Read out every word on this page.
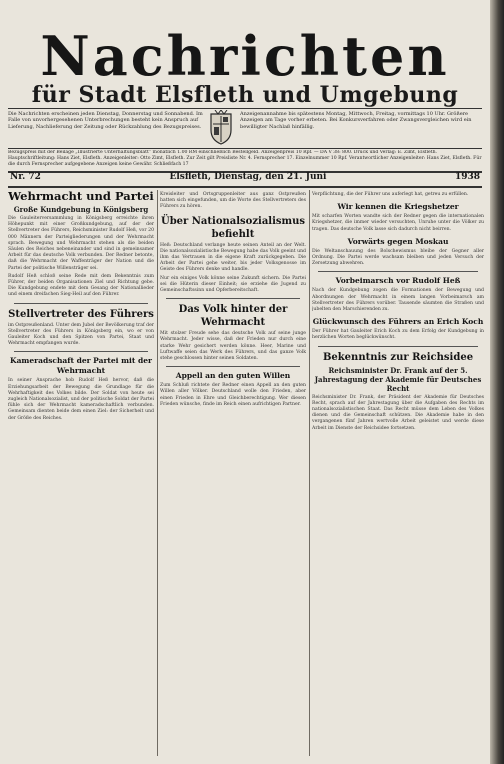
Nachrichten
für Stadt Elsfleth und Umgebung
Die Nachrichten erscheinen jeden Dienstag, Donnerstag und Sonnabend. Im Falle von unvorhergesehenen Unterbrechungen besteht kein Anspruch auf Lieferung, Nachlieferung der Zeitung oder Rückzahlung des Bezugspreises.
Anzeigenannahme bis spätestens Montag, Mittwoch, Freitag, vormittags 10 Uhr. Größere Anzeigen am Tage vorher erbeten. Bei Konkursverfahren oder Zwangsvergleichen wird ein bewilligter Nachlaß hinfällig.
Bezugspreis mit der Beilage „Illustrierte Unterhaltungsblatt“ monatlich 1.00 RM einschließlich Bestellgeld. Anzeigenpreis 10 Rpf. — DA V 38: 800. Druck und Verlag: E. Zimt, Elsfleth. Hauptschriftleitung: Hans Ziet, Elsfleth. Anzeigenleiter: Otto Zimt, Elsfleth. Zur Zeit gilt Preisliste Nr. 4. Fernsprecher 17. Einzelnummer 10 Rpf. Verantwortlicher Anzeigenleiter: Hans Ziet, Elsfleth. Für die durch Fernsprecher aufgegebene Anzeigen keine Gewähr. Schließfach 17
Nr. 72	Elsfleth, Dienstag, den 21. Juni	1938
Wehrmacht und Partei
Große Kundgebung in Königsberg
Die Gauleiterversammlung in Königsberg erreichte ihren Höhepunkt mit einer Großkundgebung, auf der der Stellvertreter des Führers, Reichsminister Rudolf Heß, vor 20 000 Männern der Parteigliederungen und der Wehrmacht sprach. Bewegung und Wehrmacht stehen als die beiden Säulen des Reiches nebeneinander und sind in gemeinsamer Arbeit für das deutsche Volk verbunden. Der Redner betonte, daß die Wehrmacht der Waffenträger der Nation und die Partei der politische Willensträger sei.
Rudolf Heß schloß seine Rede mit dem Bekenntnis zum Führer, der beiden Organisationen Ziel und Richtung gebe. Die Kundgebung endete mit dem Gesang der Nationallieder und einem dreifachen Sieg-Heil auf den Führer.
Stellvertreter des Führers
im Ostpreußenland. Unter dem Jubel der Bevölkerung traf der Stellvertreter des Führers in Königsberg ein, wo er von Gauleiter Koch und den Spitzen von Partei, Staat und Wehrmacht empfangen wurde.
Kameradschaft der Partei mit der Wehrmacht
In seiner Ansprache hob Rudolf Heß hervor, daß die Erziehungsarbeit der Bewegung die Grundlage für die Wehrhaftigkeit des Volkes bilde. Der Soldat von heute sei zugleich Nationalsozialist, und der politische Soldat der Partei fühle sich der Wehrmacht kameradschaftlich verbunden. Gemeinsam dienten beide dem einen Ziel: der Sicherheit und der Größe des Reiches.
Kreisleiter und Ortsgruppenleiter aus ganz Ostpreußen hatten sich eingefunden, um die Worte des Stellvertreters des Führers zu hören.
Über Nationalsozialismus befiehlt
Heß: Deutschland verlange heute seinen Anteil an der Welt. Die nationalsozialistische Bewegung habe das Volk geeint und ihm das Vertrauen in die eigene Kraft zurückgegeben. Die Arbeit der Partei gehe weiter, bis jeder Volksgenosse im Geiste des Führers denke und handle.
Nur ein einiges Volk könne seine Zukunft sichern. Die Partei sei die Hüterin dieser Einheit; sie erziehe die Jugend zu Gemeinschaftssinn und Opferbereitschaft.
Das Volk hinter der Wehrmacht
Mit stolzer Freude sehe das deutsche Volk auf seine junge Wehrmacht. Jeder wisse, daß der Frieden nur durch eine starke Wehr gesichert werden könne. Heer, Marine und Luftwaffe seien das Werk des Führers, und das ganze Volk stehe geschlossen hinter seinen Soldaten.
Appell an den guten Willen
Zum Schluß richtete der Redner einen Appell an den guten Willen aller Völker. Deutschland wolle den Frieden, aber einen Frieden in Ehre und Gleichberechtigung. Wer diesen Frieden wünsche, finde im Reich einen aufrichtigen Partner.
Verpflichtung, die der Führer uns auferlegt hat, getreu zu erfüllen.
Wir kennen die Kriegshetzer
Mit scharfen Worten wandte sich der Redner gegen die internationalen Kriegshetzer, die immer wieder versuchten, Unruhe unter die Völker zu tragen. Das deutsche Volk lasse sich dadurch nicht beirren.
Vorwärts gegen Moskau
Die Weltanschauung des Bolschewismus bleibe der Gegner aller Ordnung. Die Partei werde wachsam bleiben und jeden Versuch der Zersetzung abwehren.
Vorbeimarsch vor Rudolf Heß
Nach der Kundgebung zogen die Formationen der Bewegung und Abordnungen der Wehrmacht in einem langen Vorbeimarsch am Stellvertreter des Führers vorüber. Tausende säumten die Straßen und jubelten den Marschierenden zu.
Glückwunsch des Führers an Erich Koch
Der Führer hat Gauleiter Erich Koch zu dem Erfolg der Kundgebung in herzlichen Worten beglückwünscht.
Bekenntnis zur Reichsidee
Reichsminister Dr. Frank auf der 5. Jahrestagung der Akademie für Deutsches Recht
Reichsminister Dr. Frank, der Präsident der Akademie für Deutsches Recht, sprach auf der Jahrestagung über die Aufgaben des Rechts im nationalsozialistischen Staat. Das Recht müsse dem Leben des Volkes dienen und die Gemeinschaft schützen. Die Akademie habe in den vergangenen fünf Jahren wertvolle Arbeit geleistet und werde diese Arbeit im Dienste der Reichsidee fortsetzen.
